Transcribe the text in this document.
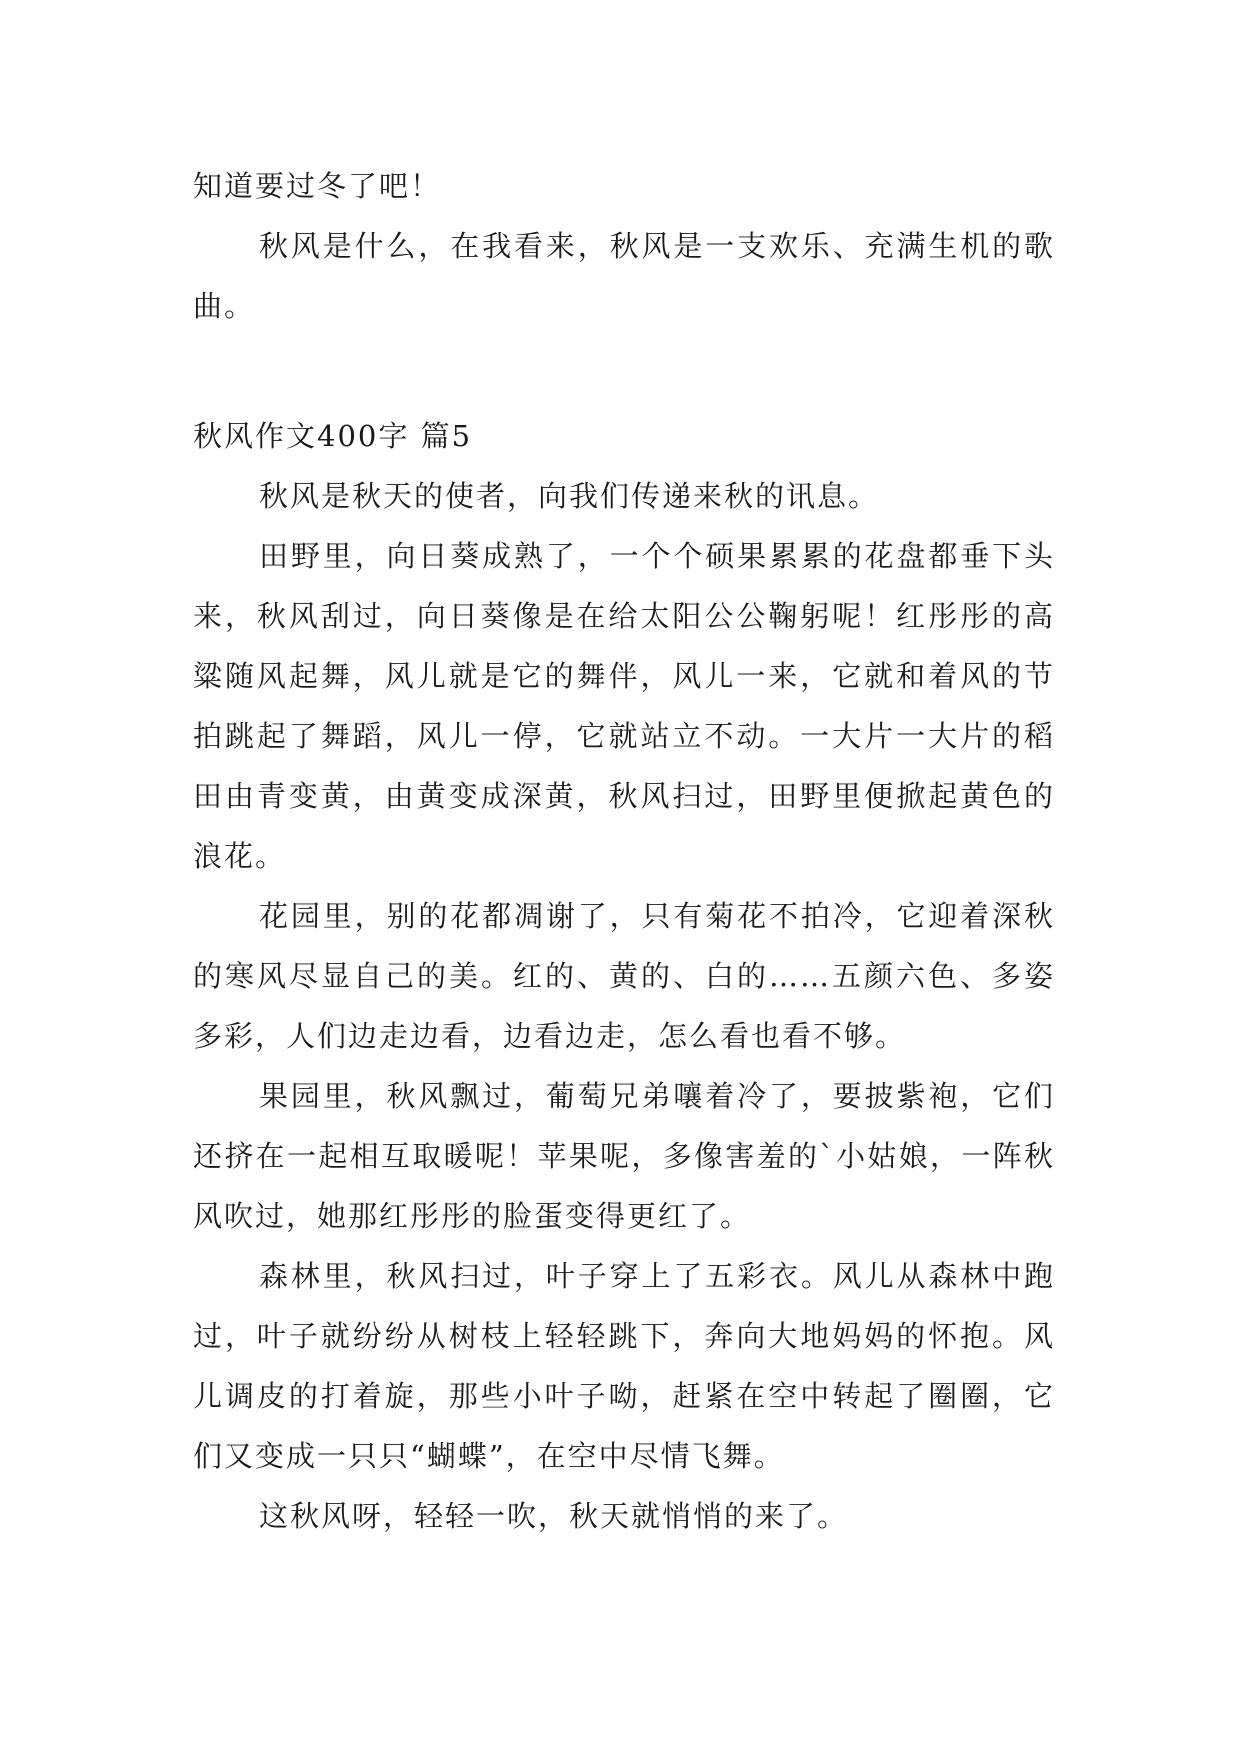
知道要过冬了吧！

秋风是什么，在我看来，秋风是一支欢乐、充满生机的歌曲。

秋风作文400字 篇5

秋风是秋天的使者，向我们传递来秋的讯息。

田野里，向日葵成熟了，一个个硕果累累的花盘都垂下头来，秋风刮过，向日葵像是在给太阳公公鞠躬呢！红彤彤的高粱随风起舞，风儿就是它的舞伴，风儿一来，它就和着风的节拍跳起了舞蹈，风儿一停，它就站立不动。一大片一大片的稻田由青变黄，由黄变成深黄，秋风扫过，田野里便掀起黄色的浪花。

花园里，别的花都凋谢了，只有菊花不拍冷，它迎着深秋的寒风尽显自己的美。红的、黄的、白的……五颜六色、多姿多彩，人们边走边看，边看边走，怎么看也看不够。

果园里，秋风飘过，葡萄兄弟嚷着冷了，要披紫袍，它们还挤在一起相互取暖呢！苹果呢，多像害羞的`小姑娘，一阵秋风吹过，她那红彤彤的脸蛋变得更红了。

森林里，秋风扫过，叶子穿上了五彩衣。风儿从森林中跑过，叶子就纷纷从树枝上轻轻跳下，奔向大地妈妈的怀抱。风儿调皮的打着旋，那些小叶子呦，赶紧在空中转起了圈圈，它们又变成一只只“蝴蝶”，在空中尽情飞舞。

这秋风呀，轻轻一吹，秋天就悄悄的来了。
